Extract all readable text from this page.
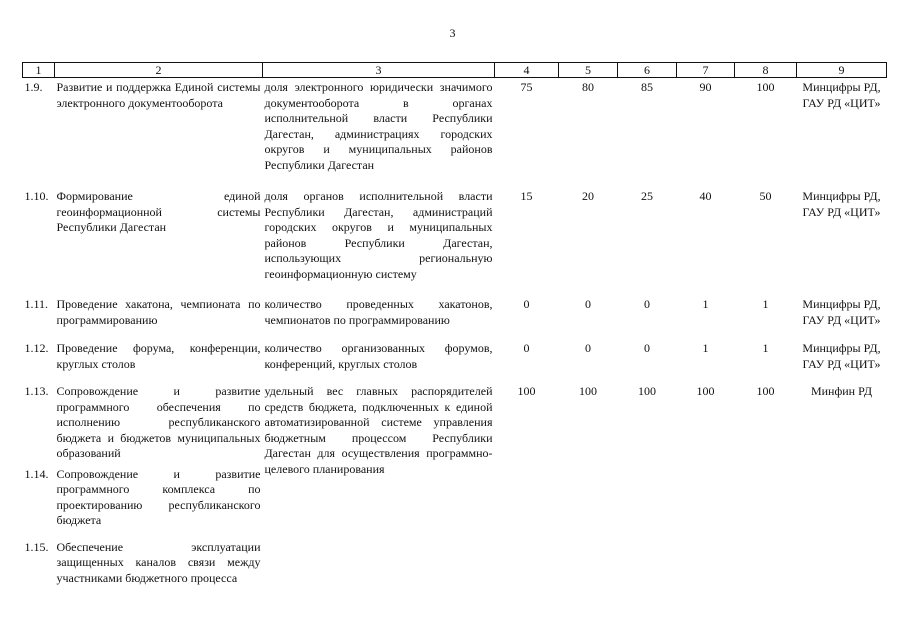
3
1	2	3	4	5	6	7	8	9
1.9.	Развитие и поддержка Единой системы электронного документооборота	доля электронного юридически значимого документооборота в органах исполнительной власти Республики Дагестан, администрациях городских округов и муниципальных районов Республики Дагестан	75	80	85	90	100	Минцифры РД, ГАУ РД «ЦИТ»
1.10.	Формирование единой геоинформационной системы Республики Дагестан	доля органов исполнительной власти Республики Дагестан, администраций городских округов и муниципальных районов Республики Дагестан, использующих региональную геоинформационную систему	15	20	25	40	50	Минцифры РД, ГАУ РД «ЦИТ»
1.11.	Проведение хакатона, чемпионата по программированию	количество проведенных хакатонов, чемпионатов по программированию	0	0	0	1	1	Минцифры РД, ГАУ РД «ЦИТ»
1.12.	Проведение форума, конференции, круглых столов	количество организованных форумов, конференций, круглых столов	0	0	0	1	1	Минцифры РД, ГАУ РД «ЦИТ»
1.13.	Сопровождение и развитие программного обеспечения по исполнению республиканского бюджета и бюджетов муниципальных образований	удельный вес главных распорядителей средств бюджета, подключенных к единой автоматизированной системе управления бюджетным процессом Республики Дагестан для осуществления программно-целевого планирования	100	100	100	100	100	Минфин РД
1.14.	Сопровождение и развитие программного комплекса по проектированию республиканского бюджета							
1.15.	Обеспечение эксплуатации защищенных каналов связи между участниками бюджетного процесса							
